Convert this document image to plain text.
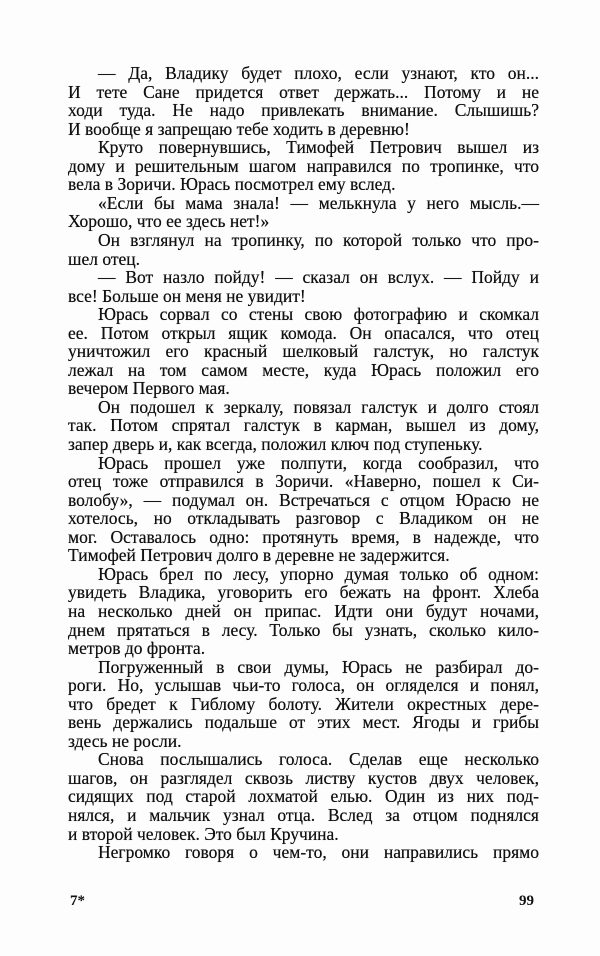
— Да, Владику будет плохо, если узнают, кто он...
И тете Сане придется ответ держать... Потому и не
ходи туда. Не надо привлекать внимание. Слышишь?
И вообще я запрещаю тебе ходить в деревню!
Круто повернувшись, Тимофей Петрович вышел из
дому и решительным шагом направился по тропинке, что
вела в Зоричи. Юрась посмотрел ему вслед.
«Если бы мама знала! — мелькнула у него мысль.—
Хорошо, что ее здесь нет!»
Он взглянул на тропинку, по которой только что про-
шел отец.
— Вот назло пойду! — сказал он вслух. — Пойду и
все! Больше он меня не увидит!
Юрась сорвал со стены свою фотографию и скомкал
ее. Потом открыл ящик комода. Он опасался, что отец
уничтожил его красный шелковый галстук, но галстук
лежал на том самом месте, куда Юрась положил его
вечером Первого мая.
Он подошел к зеркалу, повязал галстук и долго стоял
так. Потом спрятал галстук в карман, вышел из дому,
запер дверь и, как всегда, положил ключ под ступеньку.
Юрась прошел уже полпути, когда сообразил, что
отец тоже отправился в Зоричи. «Наверно, пошел к Си-
волобу», — подумал он. Встречаться с отцом Юрасю не
хотелось, но откладывать разговор с Владиком он не
мог. Оставалось одно: протянуть время, в надежде, что
Тимофей Петрович долго в деревне не задержится.
Юрась брел по лесу, упорно думая только об одном:
увидеть Владика, уговорить его бежать на фронт. Хлеба
на несколько дней он припас. Идти они будут ночами,
днем прятаться в лесу. Только бы узнать, сколько кило-
метров до фронта.
Погруженный в свои думы, Юрась не разбирал до-
роги. Но, услышав чьи-то голоса, он огляделся и понял,
что бредет к Гиблому болоту. Жители окрестных дере-
вень держались подальше от этих мест. Ягоды и грибы
здесь не росли.
Снова послышались голоса. Сделав еще несколько
шагов, он разглядел сквозь листву кустов двух человек,
сидящих под старой лохматой елью. Один из них под-
нялся, и мальчик узнал отца. Вслед за отцом поднялся
и второй человек. Это был Кручина.
Негромко говоря о чем-то, они направились прямо
7*	99
